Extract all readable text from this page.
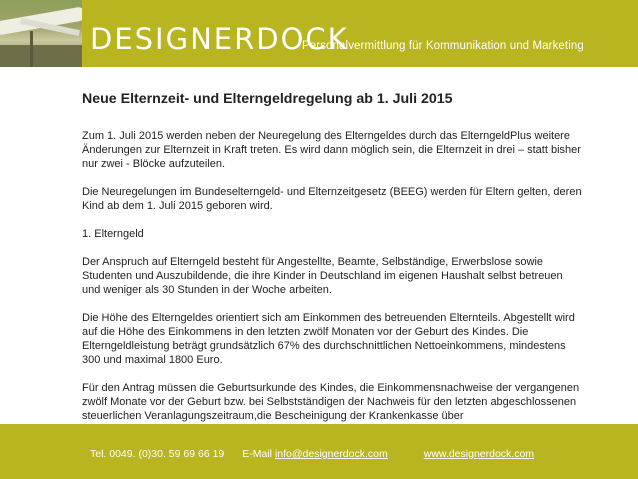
DESIGNERDOCK
Personalvermittlung für Kommunikation und Marketing
Neue Elternzeit- und Elterngeldregelung ab 1. Juli 2015

Zum 1. Juli 2015 werden neben der Neuregelung des Elterngeldes durch das ElterngeldPlus weitere Änderungen zur Elternzeit in Kraft treten. Es wird dann möglich sein, die Elternzeit in drei – statt bisher nur zwei - Blöcke aufzuteilen.

Die Neuregelungen im Bundeselterngeld- und Elternzeitgesetz (BEEG) werden für Eltern gelten, deren Kind ab dem 1. Juli 2015 geboren wird.

1. Elterngeld

Der Anspruch auf Elterngeld besteht für Angestellte, Beamte, Selbständige, Erwerbslose sowie Studenten und Auszubildende, die ihre Kinder in Deutschland im eigenen Haushalt selbst betreuen und weniger als 30 Stunden in der Woche arbeiten.

Die Höhe des Elterngeldes orientiert sich am Einkommen des betreuenden Elternteils. Abgestellt wird auf die Höhe des Einkommens in den letzten zwölf Monaten vor der Geburt des Kindes. Die Elterngeldleistung beträgt grundsätzlich 67% des durchschnittlichen Nettoeinkommens, mindestens 300 und maximal 1800 Euro.

Für den Antrag müssen die Geburtsurkunde des Kindes, die Einkommensnachweise der vergangenen zwölf Monate vor der Geburt bzw. bei Selbstständigen der Nachweis für den letzten abgeschlossenen steuerlichen Veranlagungszeitraum,die Bescheinigung der Krankenkasse über

Tel. 0049. (0)30. 59 69 66 19 E-Mail info@designerdock.com	www.designerdock.com
